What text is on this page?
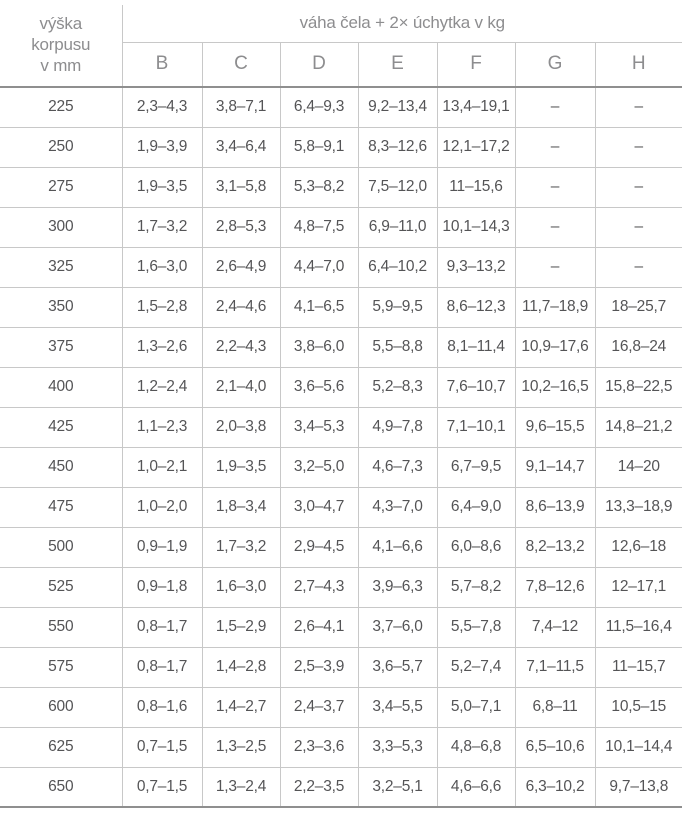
výška
korpusu
v mm	váha čela + 2× úchytka v kg						
	B	C	D	E	F	G	H
225	2,3–4,3	3,8–7,1	6,4–9,3	9,2–13,4	13,4–19,1	–	–
250	1,9–3,9	3,4–6,4	5,8–9,1	8,3–12,6	12,1–17,2	–	–
275	1,9–3,5	3,1–5,8	5,3–8,2	7,5–12,0	11–15,6	–	–
300	1,7–3,2	2,8–5,3	4,8–7,5	6,9–11,0	10,1–14,3	–	–
325	1,6–3,0	2,6–4,9	4,4–7,0	6,4–10,2	9,3–13,2	–	–
350	1,5–2,8	2,4–4,6	4,1–6,5	5,9–9,5	8,6–12,3	11,7–18,9	18–25,7
375	1,3–2,6	2,2–4,3	3,8–6,0	5,5–8,8	8,1–11,4	10,9–17,6	16,8–24
400	1,2–2,4	2,1–4,0	3,6–5,6	5,2–8,3	7,6–10,7	10,2–16,5	15,8–22,5
425	1,1–2,3	2,0–3,8	3,4–5,3	4,9–7,8	7,1–10,1	9,6–15,5	14,8–21,2
450	1,0–2,1	1,9–3,5	3,2–5,0	4,6–7,3	6,7–9,5	9,1–14,7	14–20
475	1,0–2,0	1,8–3,4	3,0–4,7	4,3–7,0	6,4–9,0	8,6–13,9	13,3–18,9
500	0,9–1,9	1,7–3,2	2,9–4,5	4,1–6,6	6,0–8,6	8,2–13,2	12,6–18
525	0,9–1,8	1,6–3,0	2,7–4,3	3,9–6,3	5,7–8,2	7,8–12,6	12–17,1
550	0,8–1,7	1,5–2,9	2,6–4,1	3,7–6,0	5,5–7,8	7,4–12	11,5–16,4
575	0,8–1,7	1,4–2,8	2,5–3,9	3,6–5,7	5,2–7,4	7,1–11,5	11–15,7
600	0,8–1,6	1,4–2,7	2,4–3,7	3,4–5,5	5,0–7,1	6,8–11	10,5–15
625	0,7–1,5	1,3–2,5	2,3–3,6	3,3–5,3	4,8–6,8	6,5–10,6	10,1–14,4
650	0,7–1,5	1,3–2,4	2,2–3,5	3,2–5,1	4,6–6,6	6,3–10,2	9,7–13,8
